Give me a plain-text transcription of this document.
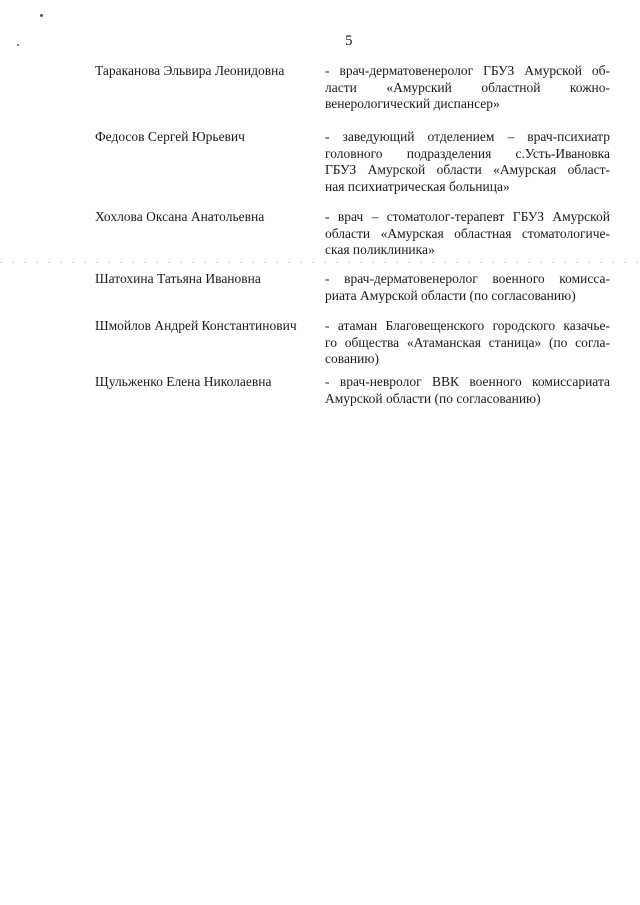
5
Тараканова Эльвира Леонидовна	- врач-дерматовенеролог ГБУЗ Амурской об-
ласти «Амурский областной кожно-
венерологический диспансер»
Федосов Сергей Юрьевич	- заведующий отделением – врач-психиатр
головного подразделения с.Усть-Ивановка
ГБУЗ Амурской области «Амурская област-
ная психиатрическая больница»
Хохлова Оксана Анатольевна	- врач – стоматолог-терапевт ГБУЗ Амурской
области «Амурская областная стоматологиче-
ская поликлиника»
Шатохина Татьяна Ивановна	- врач-дерматовенеролог военного комисса-
риата Амурской области (по согласованию)
Шмойлов Андрей Константинович - атаман Благовещенского городского казачье-
го общества «Атаманская станица» (по согла-
сованию)
Щульженко Елена Николаевна	- врач-невролог ВВК военного комиссариата
Амурской области (по согласованию)
